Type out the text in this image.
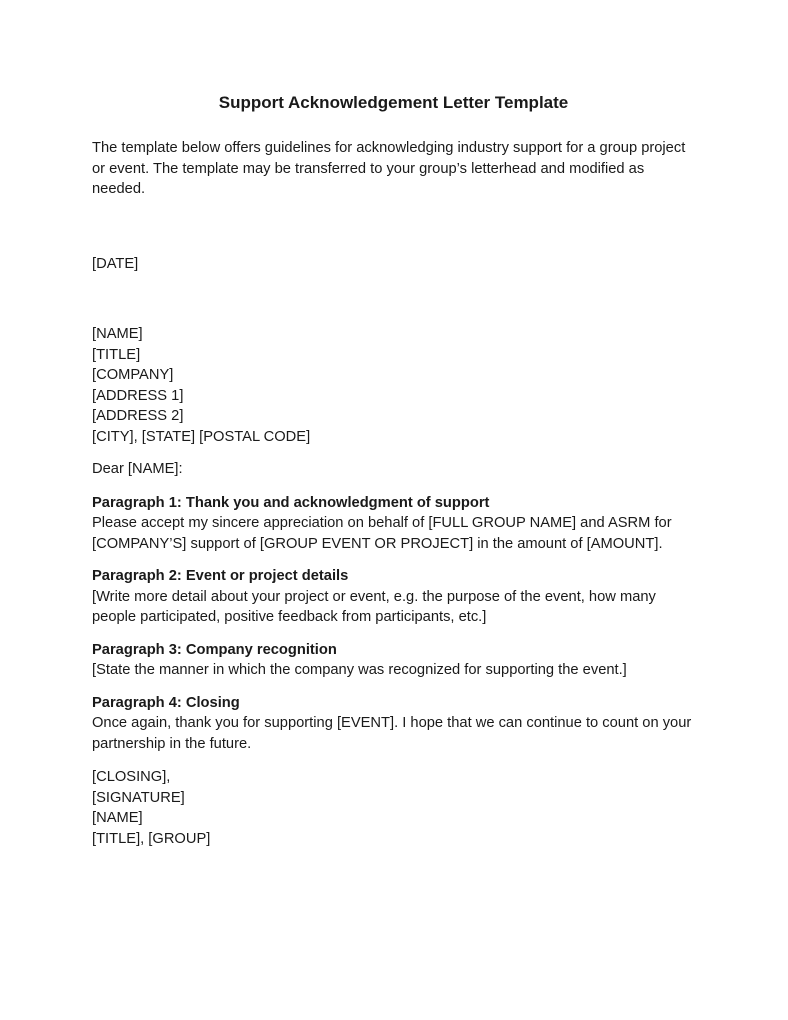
Support Acknowledgement Letter Template

The template below offers guidelines for acknowledging industry support for a group project or event. The template may be transferred to your group’s letterhead and modified as needed.

[DATE]

[NAME]

[TITLE]

[COMPANY]

[ADDRESS 1]

[ADDRESS 2]

[CITY], [STATE] [POSTAL CODE]

Dear [NAME]:

Paragraph 1: Thank you and acknowledgment of support

Please accept my sincere appreciation on behalf of [FULL GROUP NAME] and ASRM for [COMPANY’S] support of [GROUP EVENT OR PROJECT] in the amount of [AMOUNT].

Paragraph 2: Event or project details

[Write more detail about your project or event, e.g. the purpose of the event, how many people participated, positive feedback from participants, etc.]

Paragraph 3: Company recognition

[State the manner in which the company was recognized for supporting the event.]

Paragraph 4: Closing

Once again, thank you for supporting [EVENT]. I hope that we can continue to count on your partnership in the future.

[CLOSING],

[SIGNATURE]

[NAME]

[TITLE], [GROUP]
